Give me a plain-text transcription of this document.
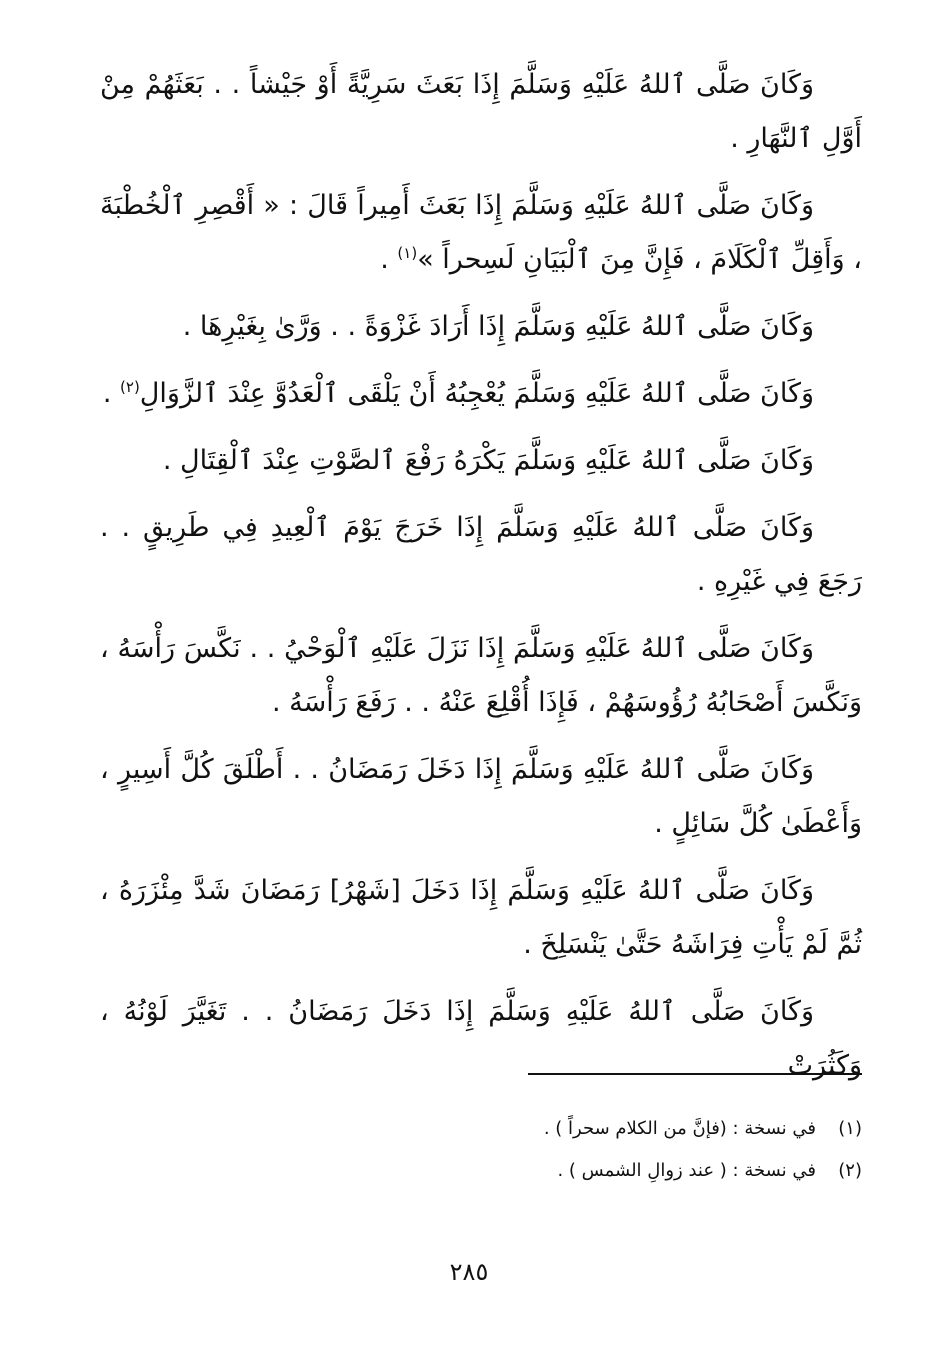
وَكَانَ صَلَّى ٱللهُ عَلَيْهِ وَسَلَّمَ إِذَا بَعَثَ سَرِيَّةً أَوْ جَيْشاً . . بَعَثَهُمْ مِنْ أَوَّلِ ٱلنَّهَارِ .

وَكَانَ صَلَّى ٱللهُ عَلَيْهِ وَسَلَّمَ إِذَا بَعَثَ أَمِيراً قَالَ : « أَقْصِرِ ٱلْخُطْبَةَ ، وَأَقِلِّ ٱلْكَلَامَ ، فَإِنَّ مِنَ ٱلْبَيَانِ لَسِحراً »$^{(١)}$ .

وَكَانَ صَلَّى ٱللهُ عَلَيْهِ وَسَلَّمَ إِذَا أَرَادَ غَزْوَةً . . وَرَّىٰ بِغَيْرِهَا .

وَكَانَ صَلَّى ٱللهُ عَلَيْهِ وَسَلَّمَ يُعْجِبُهُ أَنْ يَلْقَى ٱلْعَدُوَّ عِنْدَ ٱلزَّوَالِ$^{(٢)}$ .

وَكَانَ صَلَّى ٱللهُ عَلَيْهِ وَسَلَّمَ يَكْرَهُ رَفْعَ ٱلصَّوْتِ عِنْدَ ٱلْقِتَالِ .

وَكَانَ صَلَّى ٱللهُ عَلَيْهِ وَسَلَّمَ إِذَا خَرَجَ يَوْمَ ٱلْعِيدِ فِي طَرِيقٍ . . رَجَعَ فِي غَيْرِهِ .

وَكَانَ صَلَّى ٱللهُ عَلَيْهِ وَسَلَّمَ إِذَا نَزَلَ عَلَيْهِ ٱلْوَحْيُ . . نَكَّسَ رَأْسَهُ ، وَنَكَّسَ أَصْحَابُهُ رُؤُوسَهُمْ ، فَإِذَا أُقْلِعَ عَنْهُ . . رَفَعَ رَأْسَهُ .

وَكَانَ صَلَّى ٱللهُ عَلَيْهِ وَسَلَّمَ إِذَا دَخَلَ رَمَضَانُ . . أَطْلَقَ كُلَّ أَسِيرٍ ، وَأَعْطَىٰ كُلَّ سَائِلٍ .

وَكَانَ صَلَّى ٱللهُ عَلَيْهِ وَسَلَّمَ إِذَا دَخَلَ [شَهْرُ] رَمَضَانَ شَدَّ مِئْزَرَهُ ، ثُمَّ لَمْ يَأْتِ فِرَاشَهُ حَتَّىٰ يَنْسَلِخَ .

وَكَانَ صَلَّى ٱللهُ عَلَيْهِ وَسَلَّمَ إِذَا دَخَلَ رَمَضَانُ . . تَغَيَّرَ لَوْنُهُ ، وَكَثُرَتْ

(١)في نسخة : (فإنَّ من الكلام سحراً ) .

(٢)في نسخة : ( عند زوالِ الشمس ) .

٢٨٥
